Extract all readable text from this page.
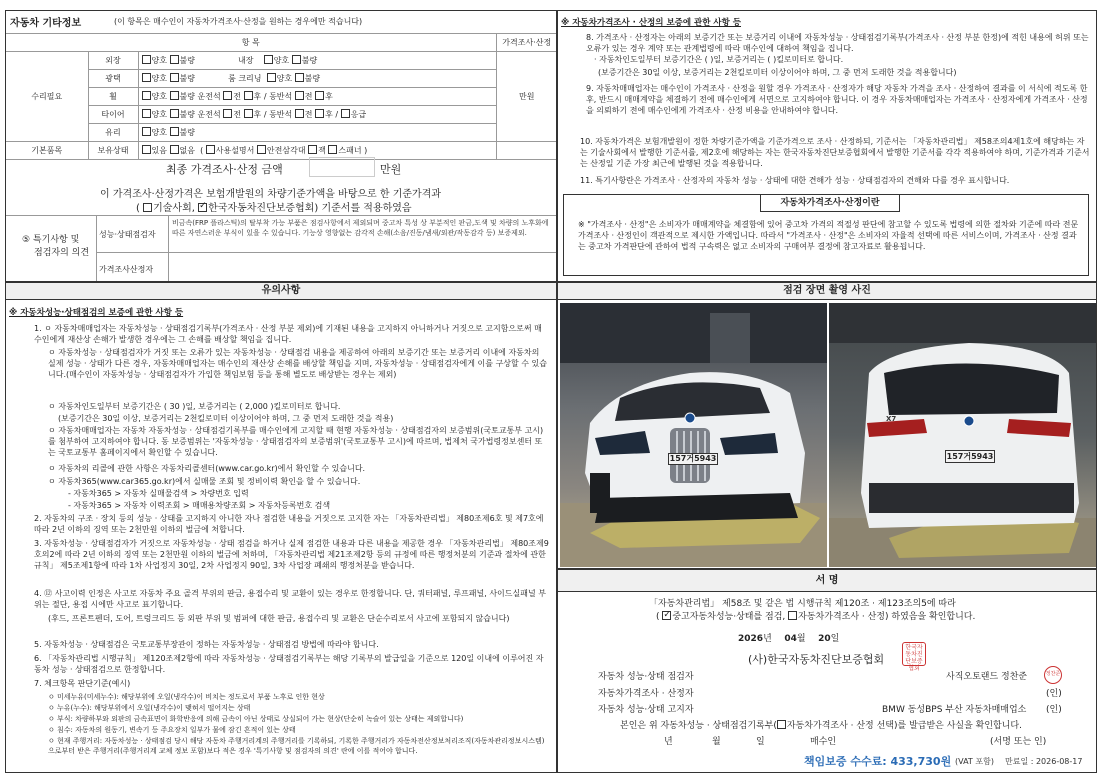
자동차 기타정보	(이 항목은 매수인이 자동차가격조사·산정을 원하는 경우에만 적습니다)
항 목			가격조사·산정
수리필요	외장	양호 불량 내장 양호 불량	만원
	광택	양호 불량 룸 크리닝 양호 불량	
	휠	양호 불량 운전석 전 후 / 동반석 전 후	
	타이어	양호 불량 운전석 전 후 / 동반석 전 후 / 응급	
	유리	양호 불량	
기본품목	보유상태	있음 없음  ( 사용설명서 안전삼각대 잭 스패너 )	
최종 가격조사·산정 금액	만원
이 가격조사·산정가격은 보험개발원의 차량기준가액을 바탕으로 한 기준가격과
( 기술사회, ✓ 한국자동차진단보증협회) 기준서를 적용하였음
⑤ 특기사항 및
점검자의 의견
성능·상태점검자
비금속(FRP 플라스틱)의 탈부착 가능 부품은 점검사항에서 제외되며 중고차 특성 상 부분적인 판금,도색 및 차량의 노후화에 따른 자연스러운 부식이 있을 수 있습니다. 기능상 영향없는 감각적 손해(소음/진동/냄새/외관/작동감각 등) 보증제외.
가격조사산정자
※ 자동차가격조사 · 산정의 보증에 관한 사항 등
8. 가격조사 · 산정자는 아래의 보증기간 또는 보증거리 이내에 자동차성능 · 상태점검기록부(가격조사 · 산정 부분 한정)에 적힌 내용에 허위 또는 오류가 있는 경우 계약 또는 관계법령에 따라 매수인에 대하여 책임을 집니다.
· 자동차인도일부터 보증기간은 ( )일, 보증거리는 ( )킬로미터로 합니다.
(보증기간은 30일 이상, 보증거리는 2천킬로미터 이상이어야 하며, 그 중 먼저 도래한 것을 적용합니다)
9. 자동차매매업자는 매수인이 가격조사 · 산정을 원할 경우 가격조사 · 산정자가 해당 자동차 가격을 조사 · 산정하여 결과를 이 서식에 적도록 한 후, 반드시 매매계약을 체결하기 전에 매수인에게 서면으로 고지하여야 합니다. 이 경우 자동차매매업자는 가격조사 · 산정자에게 가격조사 · 산정을 의뢰하기 전에 매수인에게 가격조사 · 산정 비용을 안내하여야 합니다.
10. 자동차가격은 보험개발원이 정한 차량기준가액을 기준가격으로 조사 · 산정하되, 기준서는 「자동차관리법」 제58조의4제1호에 해당하는 자는 기술사회에서 발행한 기준서를, 제2호에 해당하는 자는 한국자동차진단보증협회에서 발행한 기준서를 각각 적용하여야 하며, 기준가격과 기준서는 산정일 기준 가장 최근에 발행된 것을 적용합니다.
11. 특기사항란은 가격조사 · 산정자의 자동차 성능 · 상태에 대한 견해가 성능 · 상태점검자의 견해와 다를 경우 표시합니다.
자동차가격조사·산정이란
※ "가격조사 · 산정"은 소비자가 매매계약을 체결함에 있어 중고차 가격의 적절성 판단에 참고할 수 있도록 법령에 의한 절차와 기준에 따라 전문 가격조사 · 산정인이 객관적으로 제시한 가액입니다. 따라서 "가격조사 · 산정"은 소비자의 자율적 선택에 따른 서비스이며, 가격조사 · 산정 결과는 중고차 가격판단에 관하여 법적 구속력은 없고 소비자의 구매여부 결정에 참고자료로 활용됩니다.
유의사항
※ 자동차성능·상태점검의 보증에 관한 사항 등
1. ㅇ 자동차매매업자는 자동차성능 · 상태점검기록부(가격조사 · 산정 부분 제외)에 기재된 내용을 고지하지 아니하거나 거짓으로 고지함으로써 매수인에게 재산상 손해가 발생한 경우에는 그 손해를 배상할 책임을 집니다.
ㅇ 자동차성능 · 상태점검자가 거짓 또는 오류가 있는 자동차성능 · 상태점검 내용을 제공하여 아래의 보증기간 또는 보증거리 이내에 자동차의 실제 성능 · 상태가 다른 경우, 자동차매매업자는 매수인의 재산상 손해를 배상할 책임을 지며, 자동차성능 · 상태점검자에게 이를 구상할 수 있습니다.(매수인이 자동차성능 · 상태점검자가 가입한 책임보험 등을 통해 별도로 배상받는 경우는 제외)
ㅇ 자동차인도일부터 보증기간은 ( 30 )일, 보증거리는 ( 2,000 )킬로미터로 합니다.
(보증기간은 30일 이상, 보증거리는 2천킬로미터 이상이어야 하며, 그 중 먼저 도래한 것을 적용)
ㅇ 자동차매매업자는 자동차 자동차성능 · 상태점검기록부를 매수인에게 고지할 때 현행 자동차성능 · 상태점검자의 보증범위(국토교통부 고시)를 첨부하여 고지하여야 합니다. 동 보증범위는 '자동차성능 · 상태점검자의 보증범위'(국토교통부 고시)에 따르며, 법제처 국가법령정보센터 또는 국토교통부 홈페이지에서 확인할 수 있습니다.
ㅇ 자동차의 리콜에 관한 사항은 자동차리콜센터(www.car.go.kr)에서 확인할 수 있습니다.
ㅇ 자동차365(www.car365.go.kr)에서 실매물 조회 및 정비이력 확인을 할 수 있습니다.
- 자동차365 > 자동차 실매물검색 > 차량번호 입력
- 자동차365 > 자동차 이력조회 > 매매용차량조회 > 자동차등록번호 검색
2. 자동차의 구조 · 장치 등의 성능 · 상태를 고지하지 아니한 자나 점검한 내용을 거짓으로 고지한 자는 「자동차관리법」 제80조제6호 및 제7호에 따라 2년 이하의 징역 또는 2천만원 이하의 벌금에 처합니다.
3. 자동차성능 · 상태점검자가 거짓으로 자동차성능 · 상태 점검을 하거나 실제 점검한 내용과 다른 내용을 제공한 경우 「자동차관리법」 제80조제9호의2에 따라 2년 이하의 징역 또는 2천만원 이하의 벌금에 처하며, 「자동차관리법 제21조제2항 등의 규정에 따른 행정처분의 기준과 절차에 관한 규칙」 제5조제1항에 따라 1차 사업정지 30일, 2차 사업정지 90일, 3차 사업장 폐쇄의 행정처분을 받습니다.
4. ⑫ 사고이력 인정은 사고로 자동차 주요 골격 부위의 판금, 용접수리 및 교환이 있는 경우로 한정합니다. 단, 쿼터패널, 루프패널, 사이드실패널 부위는 절단, 용접 시에만 사고로 표기합니다.
(후드, 프론트펜더, 도어, 트렁크리드 등 외판 부위 및 범퍼에 대한 판금, 용접수리 및 교환은 단순수리로서 사고에 포함되지 않습니다)
5. 자동차성능 · 상태점검은 국토교통부장관이 정하는 자동차성능 · 상태점검 방법에 따라야 합니다.
6. 「자동차관리법 시행규칙」 제120조제2항에 따라 자동차성능 · 상태점검기록부는 해당 기록부의 발급일을 기준으로 120일 이내에 이루어진 자동차 성능 · 상태점검으로 한정합니다.
7. 체크항목 판단기준(예시)
ㅇ 미세누유(미세누수): 해당부위에 오일(냉각수)이 비치는 정도로서 부품 노후로 인한 현상
ㅇ 누유(누수): 해당부위에서 오일(냉각수)이 맺혀서 떨어지는 상태
ㅇ 부식: 차량하부와 외판의 금속표면이 화학반응에 의해 금속이 아닌 상태로 상실되어 가는 현상(단순히 녹슬어 있는 상태는 제외합니다)
ㅇ 침수: 자동차의 원동기, 변속기 등 주요장치 일부가 물에 잠긴 흔적이 있는 상태
ㅇ 현재 주행거리: 자동차성능 · 상태점검 당시 해당 자동차 주행거리계의 주행거리를 기록하되, 기록한 주행거리가 자동차전산정보처리조직(자동차관리정보시스템)으로부터 받은 주행거리(주행거리계 교체 정보 포함)보다 적은 경우 '특기사항 및 점검자의 의견' 란에 이를 적어야 합니다.
점검 장면 촬영 사진
157거5943
X7
157거5943
서 명
「자동차관리법」 제58조 및 같은 법 시행규칙 제120조 · 제123조의5에 따라
( ✓중고자동차성능·상태를 점검, 자동차가격조사 · 산정) 하였음을 확인합니다.
2026년 04월 20일
(사)한국자동차진단보증협회
한국자동차진단보증협회
자동차 성능·상태 점검자	사직오토랜드 정찬준	정찬준
자동차가격조사 · 산정자	(인)
자동차 성능·상태 고지자	BMW 동성BPS 부산 자동차매매업소 (인)
본인은 위 자동차성능 · 상태점검기록부( 자동차가격조사 · 산정 선택)를 발급받은 사실을 확인합니다.
년	월	일	매수인	(서명 또는 인)
책임보증 수수료: 433,730원 (VAT 포함) 만료일 : 2026-08-17
